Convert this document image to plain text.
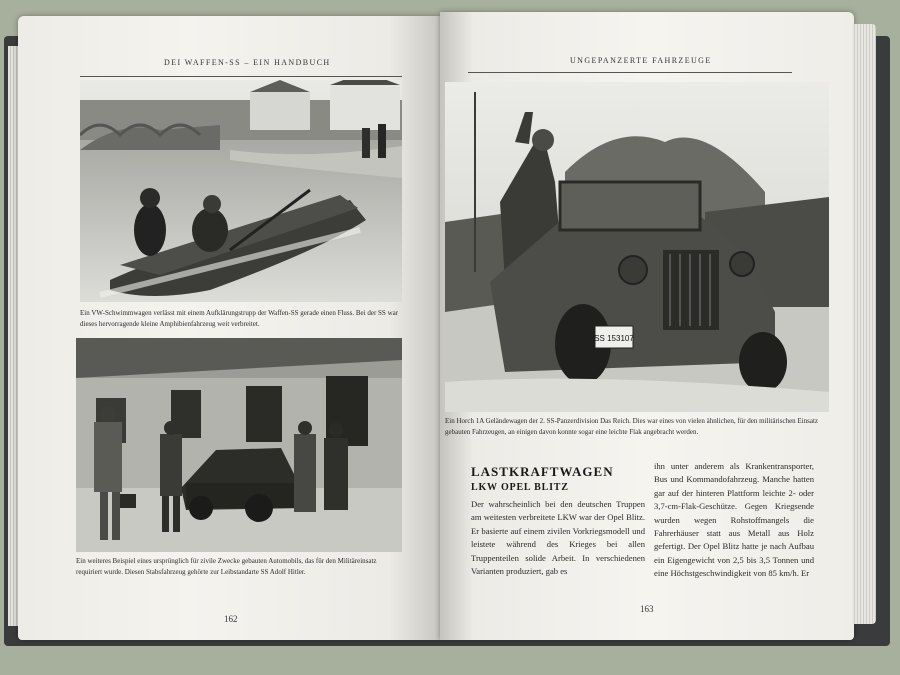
DEI WAFFEN-SS – EIN HANDBUCH
Ein VW-Schwimmwagen verlässt mit einem Aufklärungstrupp der Waffen-SS gerade einen Fluss. Bei der SS war dieses hervorragende kleine Amphibienfahrzeug weit verbreitet.
Ein weiteres Beispiel eines ursprünglich für zivile Zwecke gebauten Automobils, das für den Militäreinsatz requiriert wurde. Diesen Stabsfahrzeug gehörte zur Leibstandarte SS Adolf Hitler.
162
UNGEPANZERTE FAHRZEUGE
SS 153107
Ein Horch 1A Geländewagen der 2. SS-Panzerdivision Das Reich. Dies war eines von vielen ähnlichen, für den militärischen Einsatz gebauten Fahrzeugen, an einigen davon konnte sogar eine leichte Flak angebracht werden.
LASTKRAFTWAGEN
LKW OPEL BLITZ
Der wahrscheinlich bei den deutschen Truppen am weitesten verbreitete LKW war der Opel Blitz. Er basierte auf einem zivilen Vorkriegsmodell und leistete während des Krieges bei allen Truppenteilen solide Arbeit. In verschiedenen Varianten produziert, gab es
ihn unter anderem als Krankentransporter, Bus und Kommandofahrzeug. Manche hatten gar auf der hinteren Plattform leichte 2- oder 3,7-cm-Flak-Geschütze. Gegen Kriegsende wurden wegen Rohstoffmangels die Fahrerhäuser statt aus Metall aus Holz gefertigt. Der Opel Blitz hatte je nach Aufbau ein Eigengewicht von 2,5 bis 3,5 Tonnen und eine Höchstgeschwindigkeit von 85 km/h. Er
163
